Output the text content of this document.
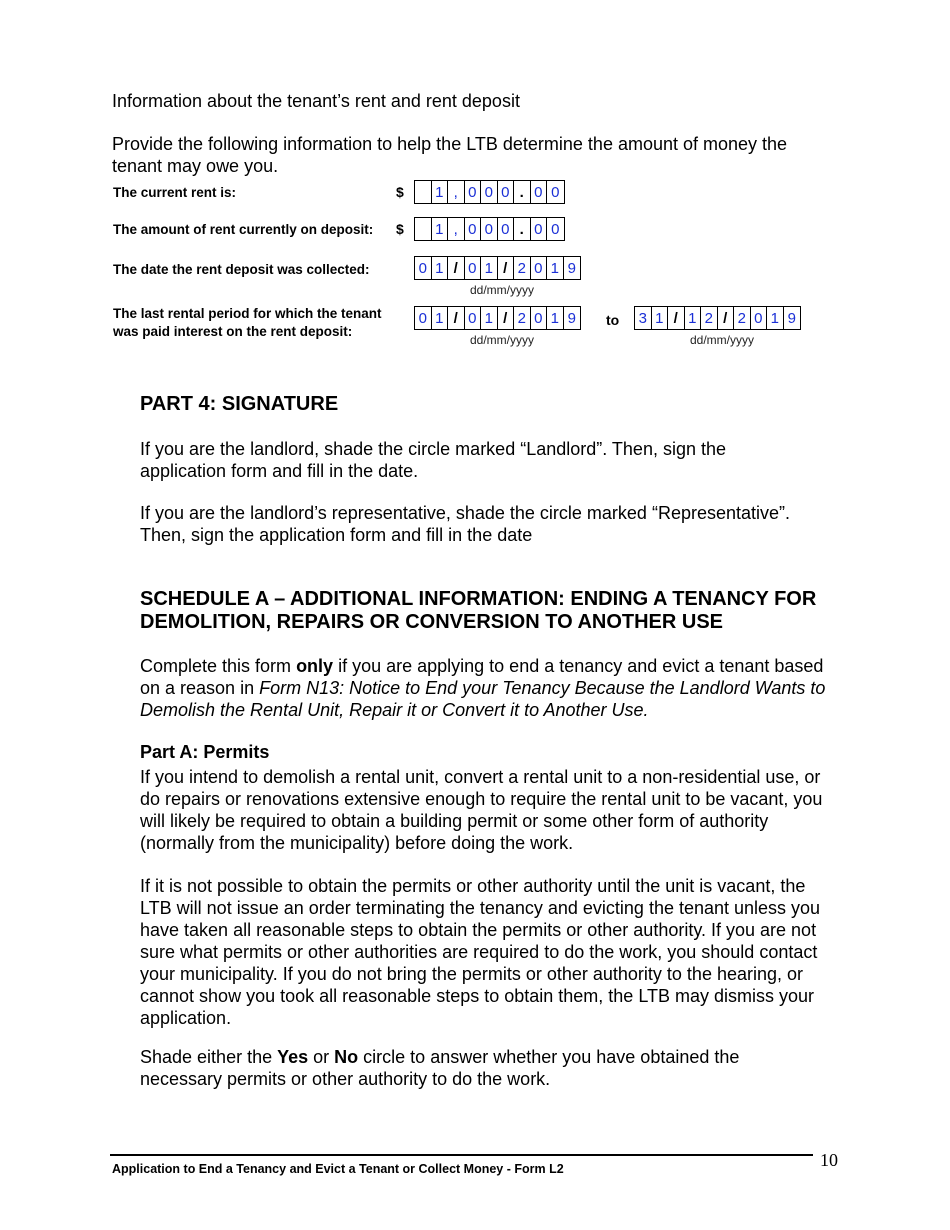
Information about the tenant’s rent and rent deposit
Provide the following information to help the LTB determine the amount of money the tenant may owe you.
The current rent is:	$ 1 , 0 0 0 . 0 0
The amount of rent currently on deposit: $ 1 , 0 0 0 . 0 0
The date the rent deposit was collected:	0 1 / 0 1 / 2 0 1 9
dd/mm/yyyy
The last rental period for which the tenant
was paid interest on the rent deposit:
0 1 / 0 1 / 2 0 1 9
dd/mm/yyyy
to 3 1 / 1 2 / 2 0 1 9
dd/mm/yyyy
PART 4: SIGNATURE
If you are the landlord, shade the circle marked “Landlord”. Then, sign the application form and fill in the date.
If you are the landlord’s representative, shade the circle marked “Representative”. Then, sign the application form and fill in the date
SCHEDULE A – ADDITIONAL INFORMATION: ENDING A TENANCY FOR
DEMOLITION, REPAIRS OR CONVERSION TO ANOTHER USE
Complete this form only if you are applying to end a tenancy and evict a tenant based on a reason in Form N13: Notice to End your Tenancy Because the Landlord Wants to Demolish the Rental Unit, Repair it or Convert it to Another Use.
Part A: Permits
If you intend to demolish a rental unit, convert a rental unit to a non-residential use, or do repairs or renovations extensive enough to require the rental unit to be vacant, you will likely be required to obtain a building permit or some other form of authority (normally from the municipality) before doing the work.
If it is not possible to obtain the permits or other authority until the unit is vacant, the LTB will not issue an order terminating the tenancy and evicting the tenant unless you have taken all reasonable steps to obtain the permits or other authority. If you are not sure what permits or other authorities are required to do the work, you should contact your municipality. If you do not bring the permits or other authority to the hearing, or cannot show you took all reasonable steps to obtain them, the LTB may dismiss your application.
Shade either the Yes or No circle to answer whether you have obtained the necessary permits or other authority to do the work.
Application to End a Tenancy and Evict a Tenant or Collect Money - Form L2	10
